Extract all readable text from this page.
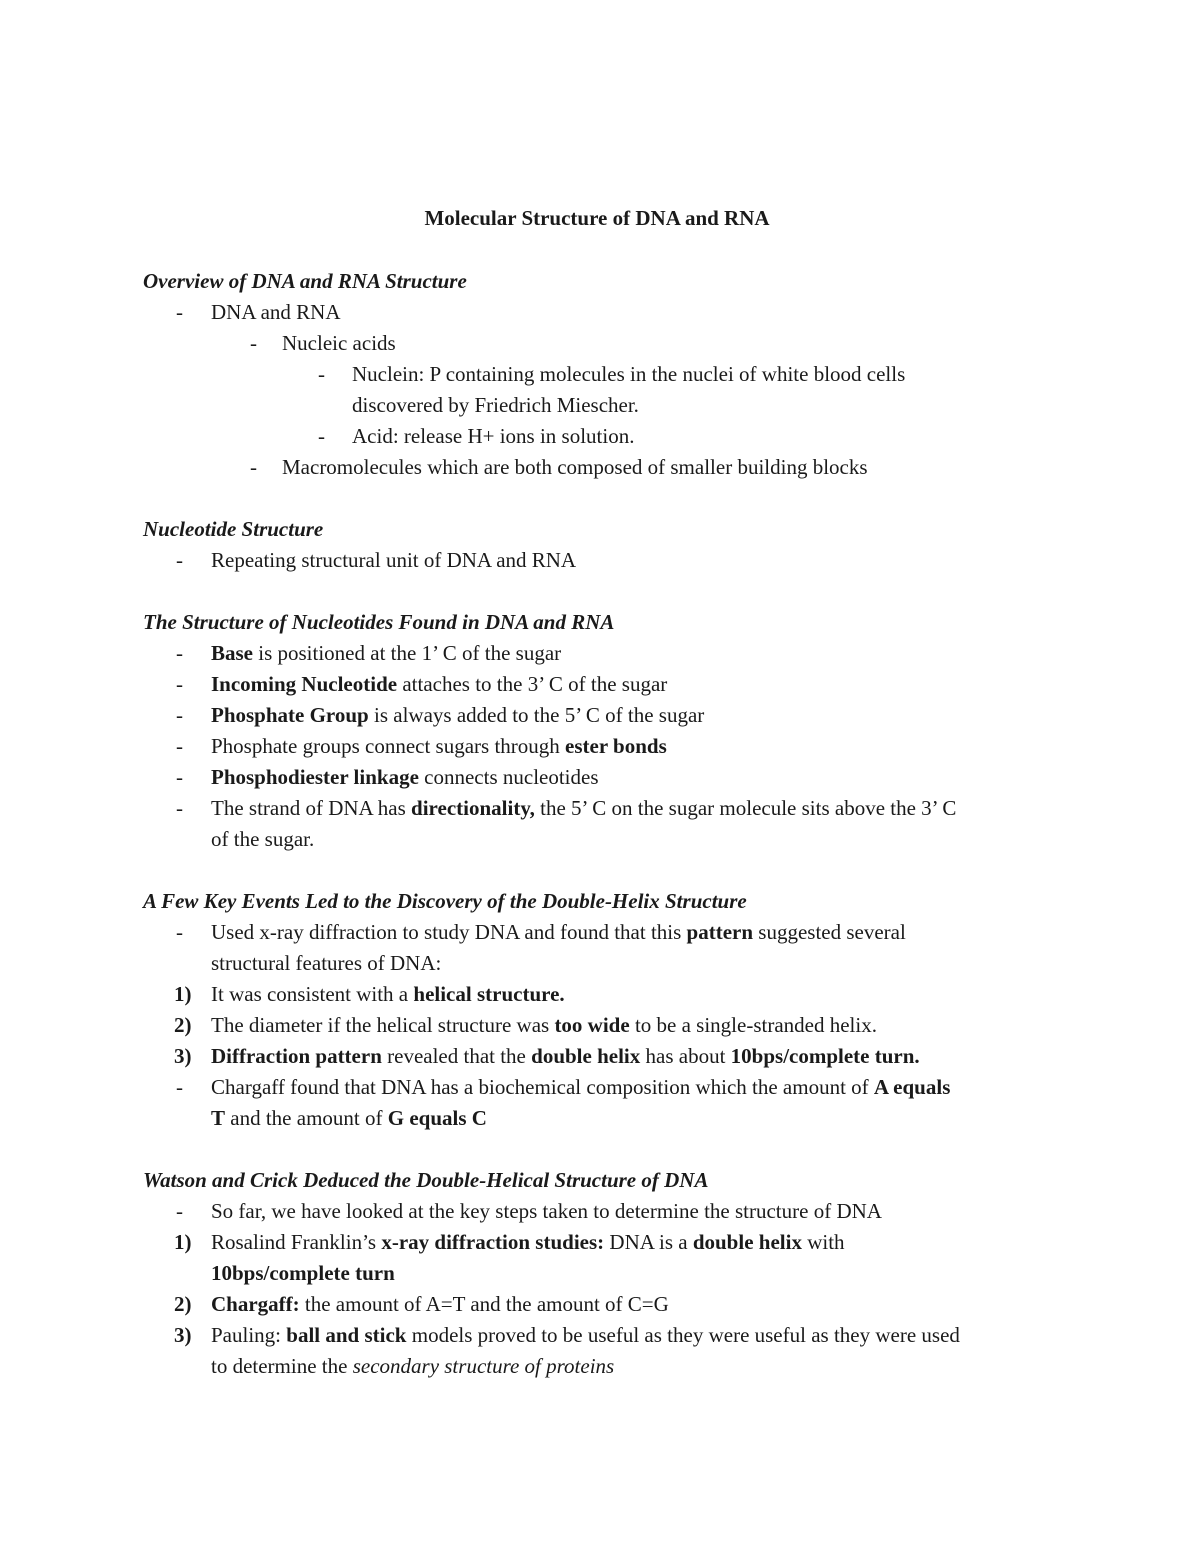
Molecular Structure of DNA and RNA
Overview of DNA and RNA Structure
- DNA and RNA
- Nucleic acids
- Nuclein: P containing molecules in the nuclei of white blood cells
discovered by Friedrich Miescher.
- Acid: release H+ ions in solution.
- Macromolecules which are both composed of smaller building blocks
Nucleotide Structure
- Repeating structural unit of DNA and RNA
The Structure of Nucleotides Found in DNA and RNA
- Base is positioned at the 1’ C of the sugar
- Incoming Nucleotide attaches to the 3’ C of the sugar
- Phosphate Group is always added to the 5’ C of the sugar
- Phosphate groups connect sugars through ester bonds
- Phosphodiester linkage connects nucleotides
- The strand of DNA has directionality, the 5’ C on the sugar molecule sits above the 3’ C
of the sugar.
A Few Key Events Led to the Discovery of the Double-Helix Structure
- Used x-ray diffraction to study DNA and found that this pattern suggested several
structural features of DNA:
1) It was consistent with a helical structure.
2) The diameter if the helical structure was too wide to be a single-stranded helix.
3) Diffraction pattern revealed that the double helix has about 10bps/complete turn.
- Chargaff found that DNA has a biochemical composition which the amount of A equals
T and the amount of G equals C
Watson and Crick Deduced the Double-Helical Structure of DNA
- So far, we have looked at the key steps taken to determine the structure of DNA
1) Rosalind Franklin’s x-ray diffraction studies: DNA is a double helix with
10bps/complete turn
2) Chargaff: the amount of A=T and the amount of C=G
3) Pauling: ball and stick models proved to be useful as they were useful as they were used
to determine the secondary structure of proteins
